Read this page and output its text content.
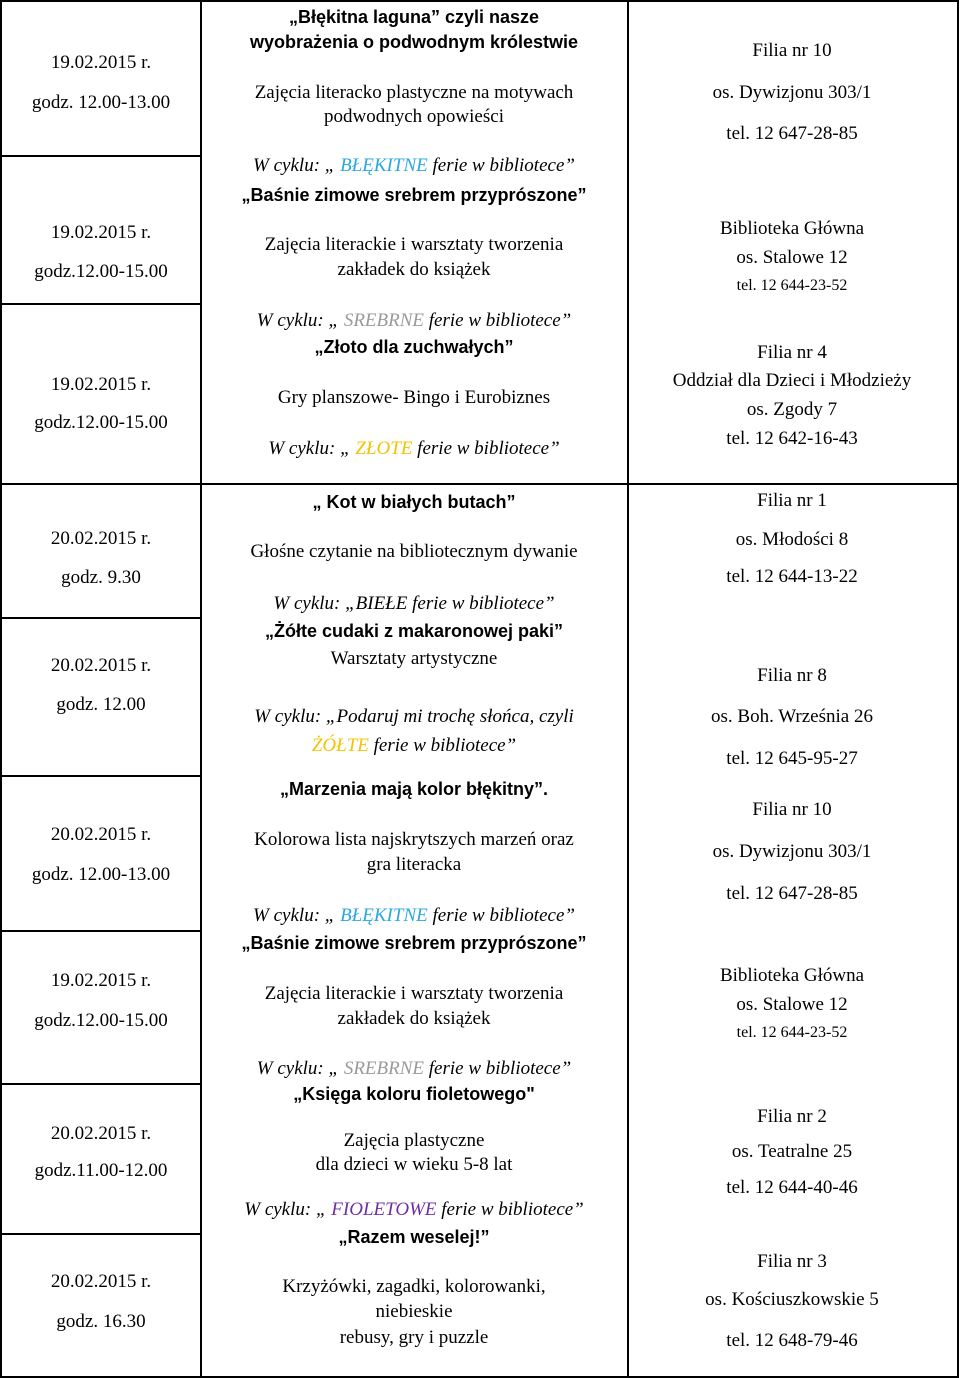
19.02.2015 r.
godz. 12.00-13.00
„Błękitna laguna” czyli nasze
wyobrażenia o podwodnym królestwie
Zajęcia literacko plastyczne na motywach
podwodnych opowieści
W cyklu: „ BŁĘKITNE ferie w bibliotece”
Filia nr 10
os. Dywizjonu 303/1
tel. 12 647-28-85
19.02.2015 r.
godz.12.00-15.00
„Baśnie zimowe srebrem przyprószone”
Zajęcia literackie i warsztaty tworzenia
zakładek do książek
W cyklu: „ SREBRNE ferie w bibliotece”
Biblioteka Główna
os. Stalowe 12
tel. 12 644-23-52
19.02.2015 r.
godz.12.00-15.00
„Złoto dla zuchwałych”
Gry planszowe- Bingo i Eurobiznes
W cyklu: „ ZŁOTE ferie w bibliotece”
Filia nr 4
Oddział dla Dzieci i Młodzieży
os. Zgody 7
tel. 12 642-16-43
20.02.2015 r.
godz. 9.30
„ Kot w białych butach”
Głośne czytanie na bibliotecznym dywanie
W cyklu: „BIEŁE ferie w bibliotece”
Filia nr 1
os. Młodości 8
tel. 12 644-13-22
20.02.2015 r.
godz. 12.00
„Żółte cudaki z makaronowej paki”
Warsztaty artystyczne
W cyklu: „Podaruj mi trochę słońca, czyli
ŻÓŁTE ferie w bibliotece”
Filia nr 8
os. Boh. Września 26
tel. 12 645-95-27
20.02.2015 r.
godz. 12.00-13.00
„Marzenia mają kolor błękitny”.
Kolorowa lista najskrytszych marzeń oraz
gra literacka
W cyklu: „ BŁĘKITNE ferie w bibliotece”
Filia nr 10
os. Dywizjonu 303/1
tel. 12 647-28-85
19.02.2015 r.
godz.12.00-15.00
„Baśnie zimowe srebrem przyprószone”
Zajęcia literackie i warsztaty tworzenia
zakładek do książek
W cyklu: „ SREBRNE ferie w bibliotece”
Biblioteka Główna
os. Stalowe 12
tel. 12 644-23-52
20.02.2015 r.
godz.11.00-12.00
„Księga koloru fioletowego"
Zajęcia plastyczne
dla dzieci w wieku 5-8 lat
W cyklu: „ FIOLETOWE ferie w bibliotece”
Filia nr 2
os. Teatralne 25
tel. 12 644-40-46
20.02.2015 r.
godz. 16.30
„Razem weselej!”
Krzyżówki, zagadki, kolorowanki,
niebieskie
rebusy, gry i puzzle
Filia nr 3
os. Kościuszkowskie 5
tel. 12 648-79-46
